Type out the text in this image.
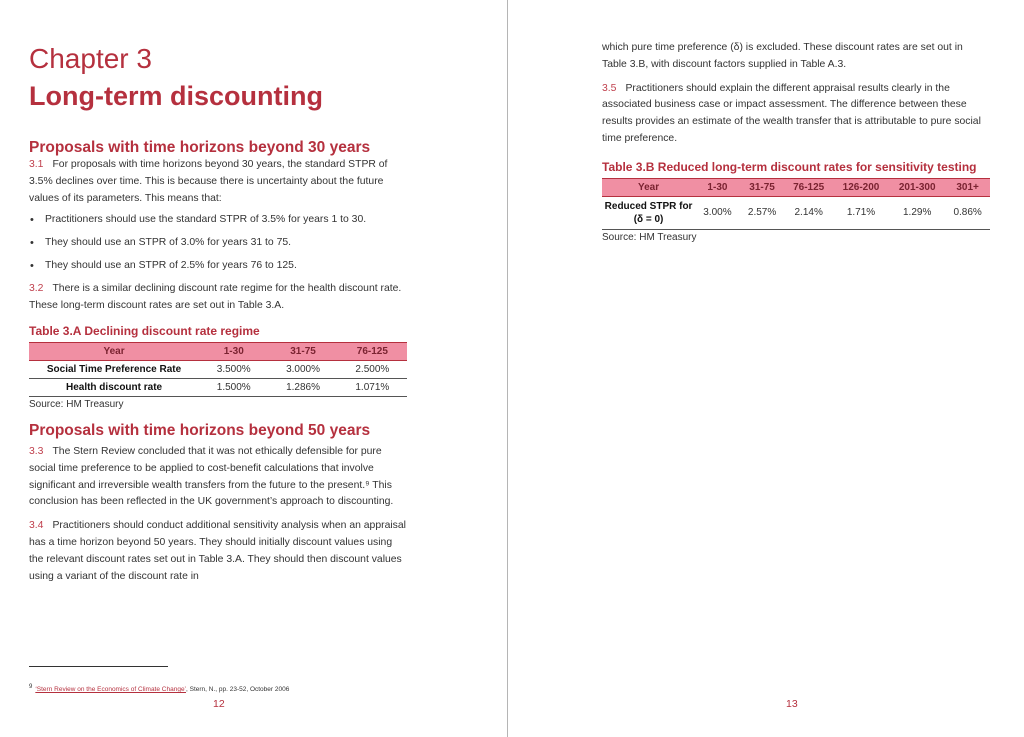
Chapter 3
Long-term discounting
Proposals with time horizons beyond 30 years

3.1 For proposals with time horizons beyond 30 years, the standard STPR of 3.5% declines over time. This is because there is uncertainty about the future values of its parameters. This means that:

• Practitioners should use the standard STPR of 3.5% for years 1 to 30.
• They should use an STPR of 3.0% for years 31 to 75.
• They should use an STPR of 2.5% for years 76 to 125.

3.2 There is a similar declining discount rate regime for the health discount rate. These long-term discount rates are set out in Table 3.A.

Table 3.A Declining discount rate regime
Year	1-30	31-75	76-125
Social Time Preference Rate	3.500%	3.000%	2.500%
Health discount rate	1.500%	1.286%	1.071%
Source: HM Treasury
Proposals with time horizons beyond 50 years

3.3 The Stern Review concluded that it was not ethically defensible for pure social time preference to be applied to cost-benefit calculations that involve significant and irreversible wealth transfers from the future to the present.⁹ This conclusion has been reflected in the UK government’s approach to discounting.

3.4 Practitioners should conduct additional sensitivity analysis when an appraisal has a time horizon beyond 50 years. They should initially discount values using the relevant discount rates set out in Table 3.A. They should then discount values using a variant of the discount rate in

9 ‘Stern Review on the Economics of Climate Change’, Stern, N., pp. 23-52, October 2006
12

which pure time preference (δ) is excluded. These discount rates are set out in Table 3.B, with discount factors supplied in Table A.3.

3.5 Practitioners should explain the different appraisal results clearly in the associated business case or impact assessment. The difference between these results provides an estimate of the wealth transfer that is attributable to pure social time preference.

Table 3.B Reduced long-term discount rates for sensitivity testing
Year	1-30	31-75	76-125	126-200	201-300	301+
Reduced STPR for (δ = 0)	3.00%	2.57%	2.14%	1.71%	1.29%	0.86%
Source: HM Treasury
13
